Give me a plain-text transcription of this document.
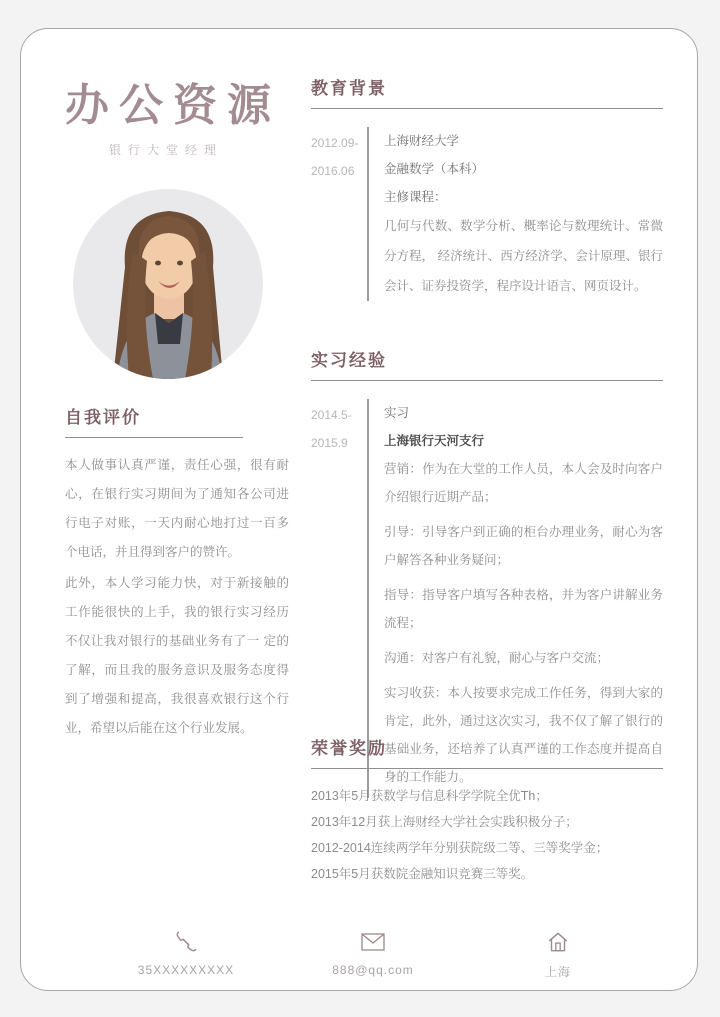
办公资源
银行大堂经理
自我评价

本人做事认真严谨，责任心强，很有耐心，在银行实习期间为了通知各公司进行电子对账，一天内耐心地打过一百多个电话，并且得到客户的赞许。

此外，本人学习能力快，对于新接触的工作能很快的上手，我的银行实习经历不仅让我对银行的基础业务有了一 定的了解，而且我的服务意识及服务态度得到了增强和提高，我很喜欢银行这个行业，希望以后能在这个行业发展。

教育背景
2012.09-
2016.06
上海财经大学
金融数学（本科）
主修课程：
几何与代数、数学分析、概率论与数理统计、常微分方程， 经济统计、西方经济学、会计原理、银行会计、证券投资学，程序设计语言、网页设计。
实习经验
2014.5-
2015.9
实习
上海银行天河支行

营销：作为在大堂的工作人员，本人会及时向客户介绍银行近期产品；

引导：引导客户到正确的柜台办理业务，耐心为客户解答各种业务疑问；

指导：指导客户填写各种表格，并为客户讲解业务流程；

沟通：对客户有礼貌，耐心与客户交流；

实习收获：本人按要求完成工作任务，得到大家的肯定，此外，通过这次实习，我不仅了解了银行的基础业务，还培养了认真严谨的工作态度并提高自身的工作能力。

荣誉奖励

2013年5月获数学与信息科学学院全优Th；

2013年12月获上海财经大学社会实践积极分子；

2012-2014连续两学年分别获院级二等、三等奖学金；

2015年5月获数院金融知识竞赛三等奖。

35XXXXXXXXX	888@qq.com	上海
